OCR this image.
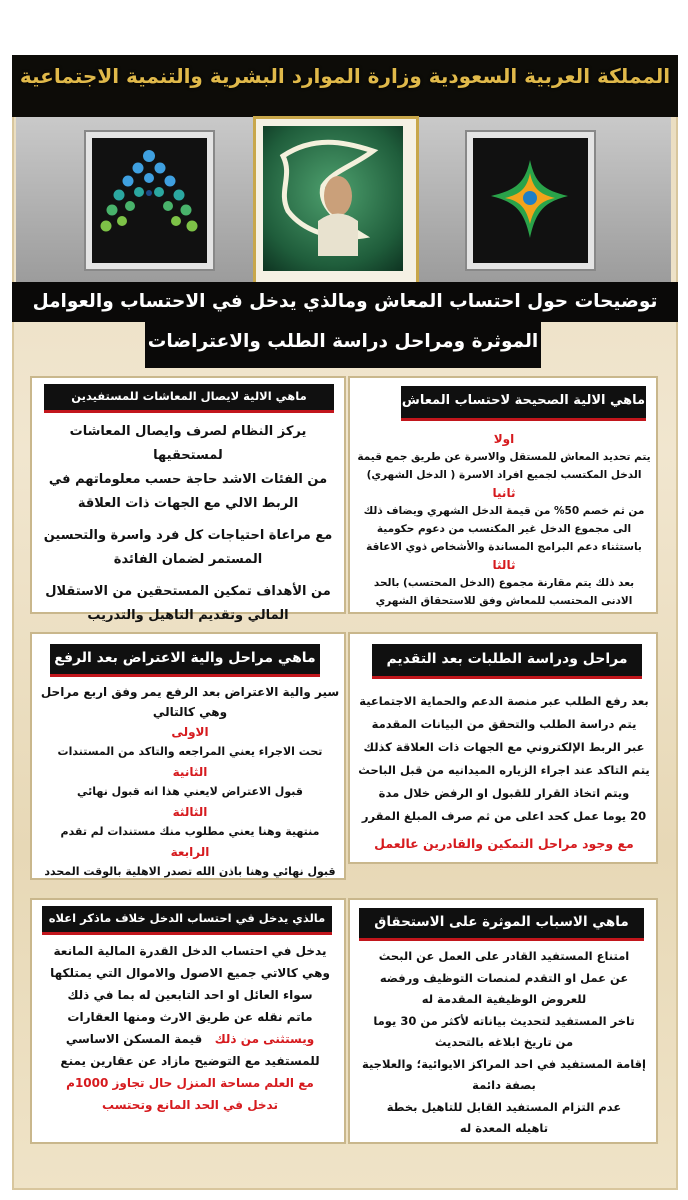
المملكة العربية السعودية وزارة الموارد البشرية والتنمية الاجتماعية
توضيحات حول احتساب المعاش ومالذي يدخل في الاحتساب والعوامل
الموثرة ومراحل دراسة الطلب والاعتراضات
ماهي الالية الصحيحة لاحتساب المعاش

اولا

يتم تحديد المعاش للمستقل والاسرة عن طريق جمع قيمة

الدخل المكتسب لجميع افراد الاسرة ( الدخل الشهري)

ثانيا

من ثم خصم 50% من قيمة الدخل الشهري ويضاف ذلك

الى مجموع الدخل غير المكتسب من دعوم حكومية

باستثناء دعم البرامج المساندة والأشخاص ذوي الاعاقة

ثالثا

بعد ذلك يتم مقارنة مجموع (الدخل المحتسب) بالحد

الادنى المحتسب للمعاش وفق للاستحقاق الشهري

ماهي الالية لايصال المعاشات للمستفيدين والاهداف

يركز النظام لصرف وايصال المعاشات لمستحقيها

من الفئات الاشد حاجة حسب معلوماتهم في

الربط الالي مع الجهات ذات العلاقة

مع مراعاة احتياجات كل فرد واسرة والتحسين

المستمر لضمان الفائدة

من الأهداف تمكين المستحقين من الاستقلال

المالي وتقديم التاهيل والتدريب

مراحل ودراسة الطلبات بعد التقديم

بعد رفع الطلب عبر منصة الدعم والحماية الاجتماعية

يتم دراسة الطلب والتحقق من البيانات المقدمة

عبر الربط الإلكتروني مع الجهات ذات العلاقة كذلك

يتم التاكد عند اجراء الزياره الميدانيه من قبل الباحث

ويتم اتخاذ القرار للقبول او الرفض خلال مدة

20 يوما عمل كحد اعلى من ثم صرف المبلغ المقرر

مع وجود مراحل التمكين والقادرين عالعمل

ماهي مراحل والية الاعتراض بعد الرفع

سير والية الاعتراض بعد الرفع يمر وفق اربع مراحل

وهي كالتالي

الاولى

تحت الاجراء يعني المراجعه والتاكد من المستندات

الثانية

قبول الاعتراض لايعني هذا انه قبول نهائي

الثالثة

منتهية وهنا يعني مطلوب منك مستندات لم تقدم

الرابعة

قبول نهائي وهنا باذن الله تصدر الاهلية بالوقت المحدد

ماهي الاسباب الموثرة على الاستحقاق

امتناع المستفيد القادر على العمل عن البحث

عن عمل او التقدم لمنصات التوظيف ورفضه

للعروض الوظيفية المقدمة له

تاخر المستفيد لتحديث بياناته لأكثر من 30 يوما

من تاريخ ابلاغه بالتحديث

إقامة المستفيد في احد المراكز الايوائية؛ والعلاجية

بصفة دائمة

عدم التزام المستفيد القابل للتاهيل بخطة

تاهيله المعدة له

مالذي يدخل في احتساب الدخل خلاف ماذكر اعلاه

يدخل في احتساب الدخل القدرة المالية المانعة

وهي كالاتي جميع الاصول والاموال التي يمتلكها

سواء العائل او احد التابعين له بما في ذلك

ماتم نقله عن طريق الارث ومنها العقارات

ويستثنى من ذلك   قيمة المسكن الاساسي

للمستفيد مع التوضيح مازاد عن عقارين يمنع

مع العلم مساحة المنزل حال تجاوز 1000م

تدخل في الحد المانع وتحتسب
